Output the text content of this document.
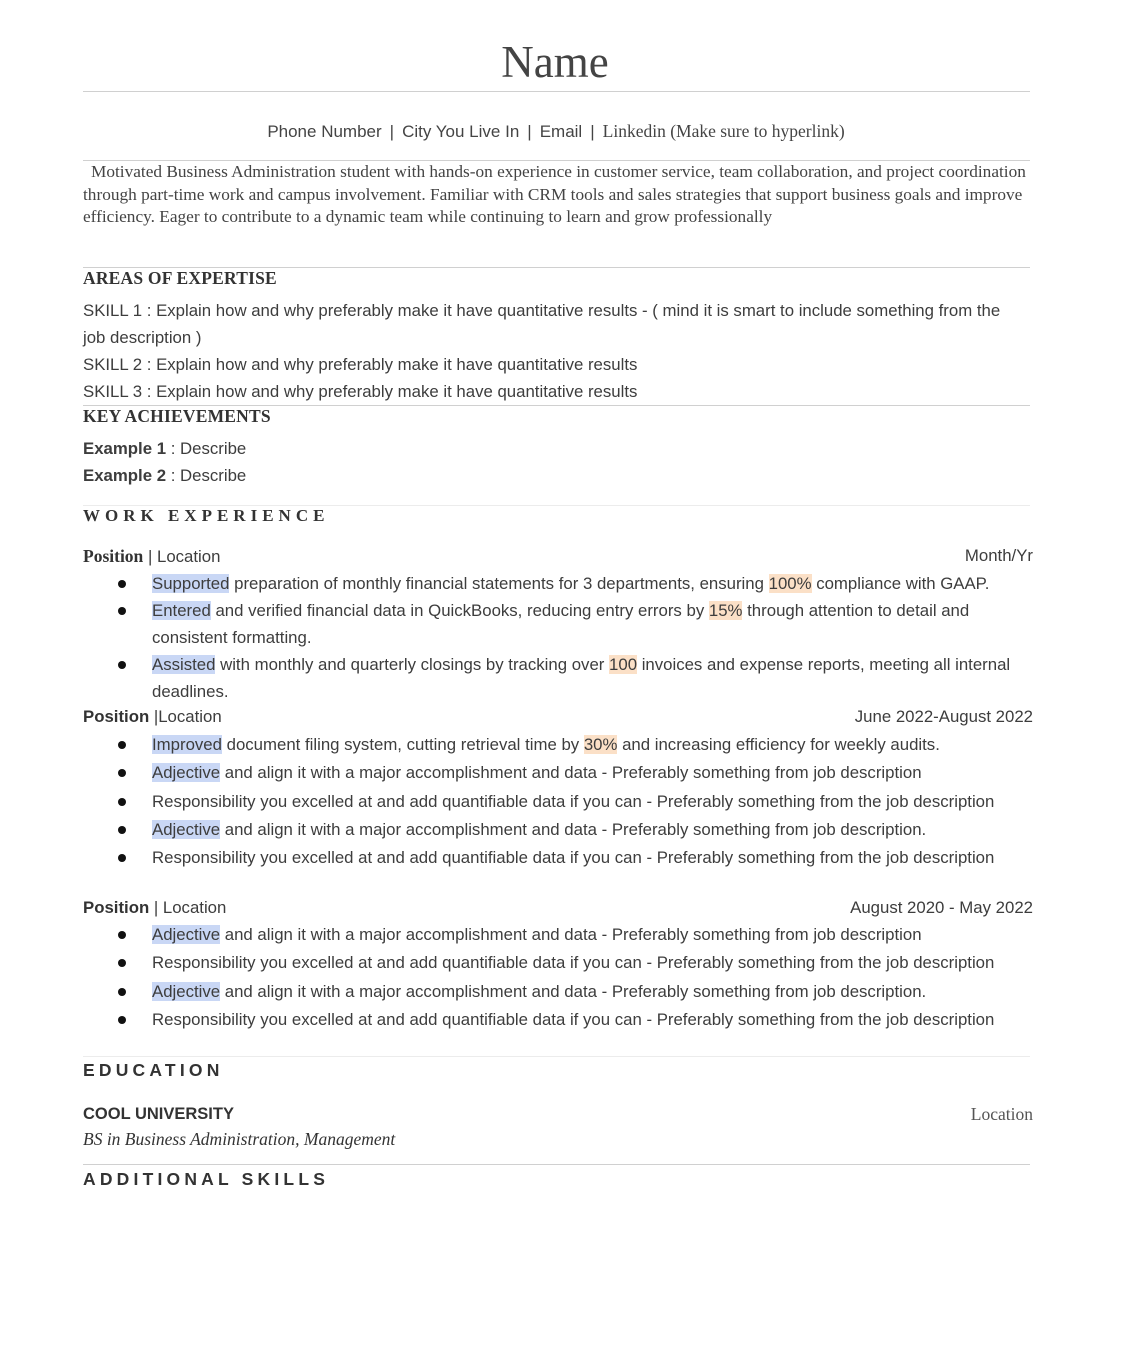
Name
Phone Number | City You Live In | Email | Linkedin (Make sure to hyperlink)
Motivated Business Administration student with hands-on experience in customer service, team collaboration, and project coordination through part-time work and campus involvement. Familiar with CRM tools and sales strategies that support business goals and improve efficiency. Eager to contribute to a dynamic team while continuing to learn and grow professionally
AREAS OF EXPERTISE
SKILL 1 : Explain how and why preferably make it have quantitative results - ( mind it is smart to include something from the job description )
SKILL 2 : Explain how and why preferably make it have quantitative results
SKILL 3 : Explain how and why preferably make it have quantitative results
KEY ACHIEVEMENTS
Example 1 : Describe
Example 2 : Describe
WORK EXPERIENCE
Position | Location	Month/Yr
Supported preparation of monthly financial statements for 3 departments, ensuring 100% compliance with GAAP.
Entered and verified financial data in QuickBooks, reducing entry errors by 15% through attention to detail and consistent formatting.
Assisted with monthly and quarterly closings by tracking over 100 invoices and expense reports, meeting all internal deadlines.
Position |Location	June 2022-August 2022
Improved document filing system, cutting retrieval time by 30% and increasing efficiency for weekly audits.
Adjective and align it with a major accomplishment and data - Preferably something from job description
Responsibility you excelled at and add quantifiable data if you can - Preferably something from the job description
Adjective and align it with a major accomplishment and data - Preferably something from job description.
Responsibility you excelled at and add quantifiable data if you can - Preferably something from the job description
Position | Location	August 2020 - May 2022
Adjective and align it with a major accomplishment and data - Preferably something from job description
Responsibility you excelled at and add quantifiable data if you can - Preferably something from the job description
Adjective and align it with a major accomplishment and data - Preferably something from job description.
Responsibility you excelled at and add quantifiable data if you can - Preferably something from the job description
EDUCATION
COOL UNIVERSITY	Location
BS in Business Administration, Management
ADDITIONAL SKILLS
